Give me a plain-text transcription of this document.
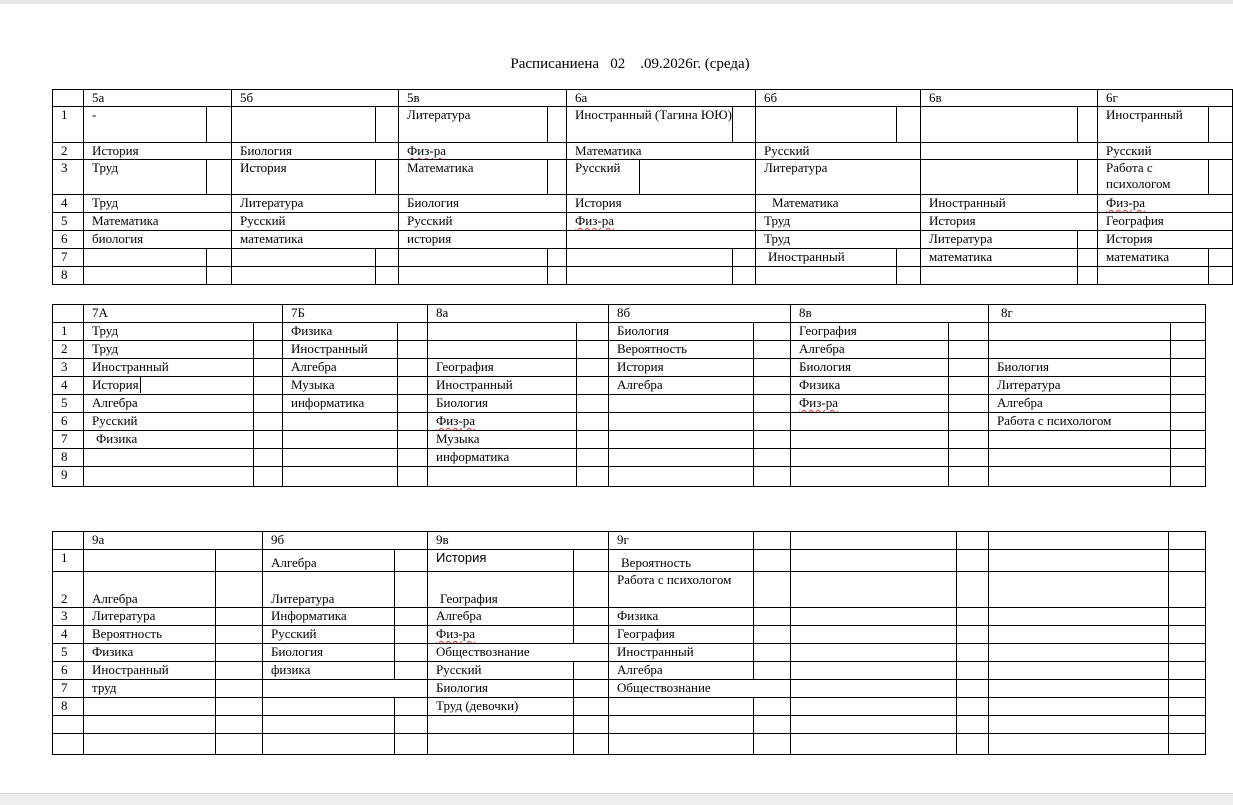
Расписаниена   02    .09.2026г. (среда)
	5а		5б		5в		6а			6б		6в		6г	
1	-				Литература		Иностранный (Тагина ЮЮ)							Иностранный	
2	История		Биология		Физ-ра		Математика			Русский				Русский	
3	Труд		История		Математика		Русский			Литература				Работа с психологом	
4	Труд		Литература		Биология		История			Математика		Иностранный		Физ-ра	
5	Математика		Русский		Русский		Физ-ра			Труд		История		География	
6	биология		математика		история					Труд		Литература		История	
7										Иностранный		математика		математика	
8															
	7А		7Б		8а		8б		8в		8г	
1	Труд		Физика				Биология		География			
2	Труд		Иностранный				Вероятность		Алгебра			
3	Иностранный		Алгебра		География		История		Биология		Биология	
4	История		Музыка		Иностранный		Алгебра		Физика		Литература	
5	Алгебра		информатика		Биология				Физ-ра		Алгебра	
6	Русский				Физ-ра						Работа с психологом	
7	Физика				Музыка							
8					информатика							
9												
	9а		9б		9в		9г					
1			Алгебра		История		Вероятность					
2	Алгебра		Литература		География		Работа с психологом					
3	Литература		Информатика		Алгебра		Физика					
4	Вероятность		Русский		Физ-ра		География					
5	Физика		Биология		Обществознание		Иностранный					
6	Иностранный		физика		Русский		Алгебра					
7	труд				Биология		Обществознание					
8					Труд (девочки)							
